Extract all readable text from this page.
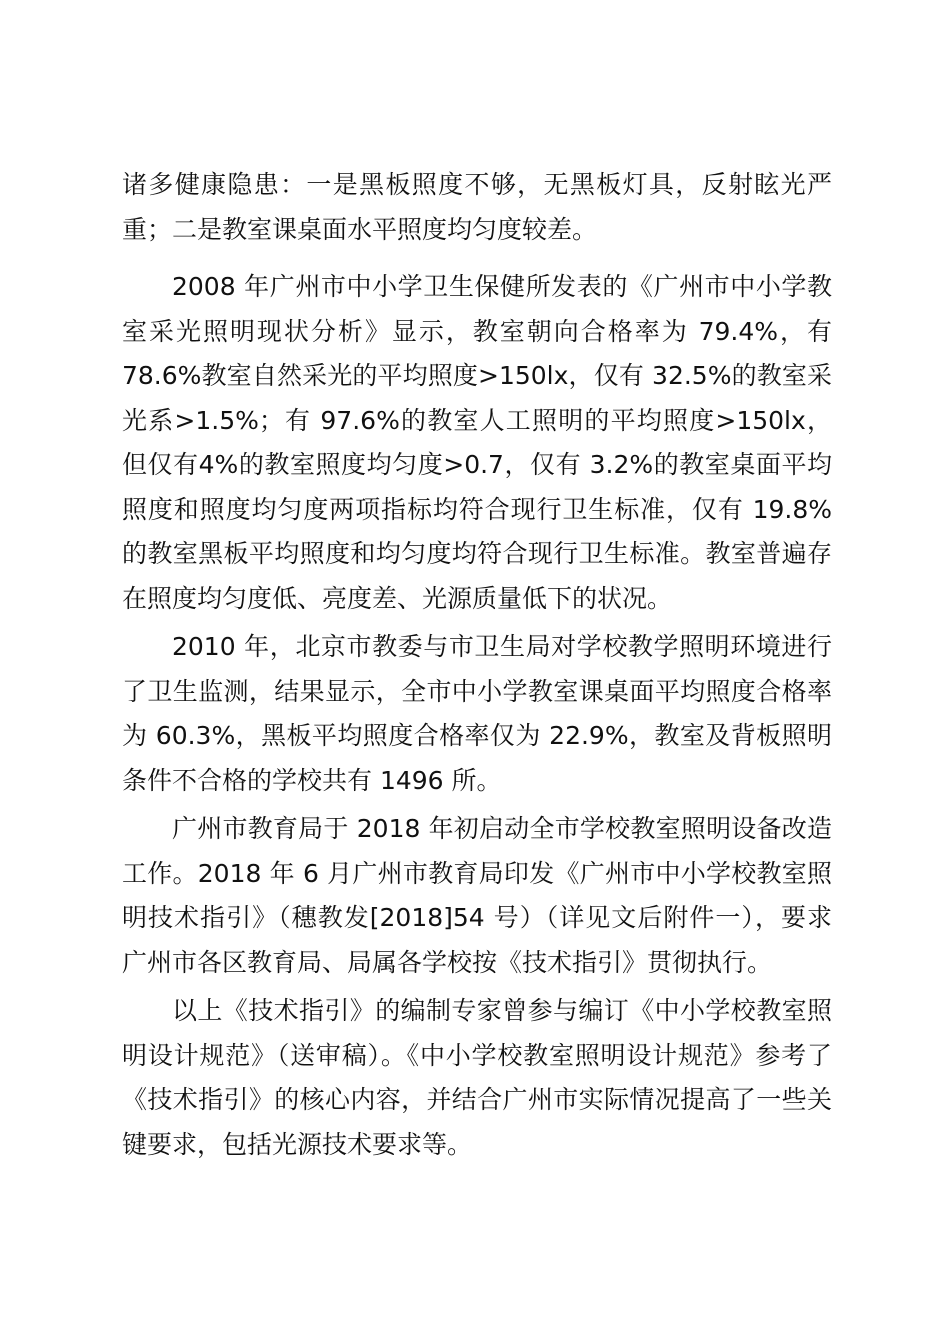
诸多健康隐患：一是黑板照度不够，无黑板灯具，反射眩光严重；二是教室课桌面水平照度均匀度较差。

2008 年广州市中小学卫生保健所发表的《广州市中小学教室采光照明现状分析》显示，教室朝向合格率为 79.4%，有 78.6%教室自然采光的平均照度>150lx，仅有 32.5%的教室采光系>1.5%；有 97.6%的教室人工照明的平均照度>150lx，但仅有4%的教室照度均匀度>0.7，仅有 3.2%的教室桌面平均照度和照度均匀度两项指标均符合现行卫生标准，仅有 19.8%的教室黑板平均照度和均匀度均符合现行卫生标准。教室普遍存在照度均匀度低、亮度差、光源质量低下的状况。

2010 年，北京市教委与市卫生局对学校教学照明环境进行了卫生监测，结果显示，全市中小学教室课桌面平均照度合格率为 60.3%，黑板平均照度合格率仅为 22.9%，教室及背板照明条件不合格的学校共有 1496 所。

广州市教育局于 2018 年初启动全市学校教室照明设备改造工作。2018 年 6 月广州市教育局印发《广州市中小学校教室照明技术指引》（穗教发[2018]54 号）（详见文后附件一），要求广州市各区教育局、局属各学校按《技术指引》贯彻执行。

以上《技术指引》的编制专家曾参与编订《中小学校教室照明设计规范》（送审稿）。《中小学校教室照明设计规范》参考了《技术指引》的核心内容，并结合广州市实际情况提高了一些关键要求，包括光源技术要求等。
